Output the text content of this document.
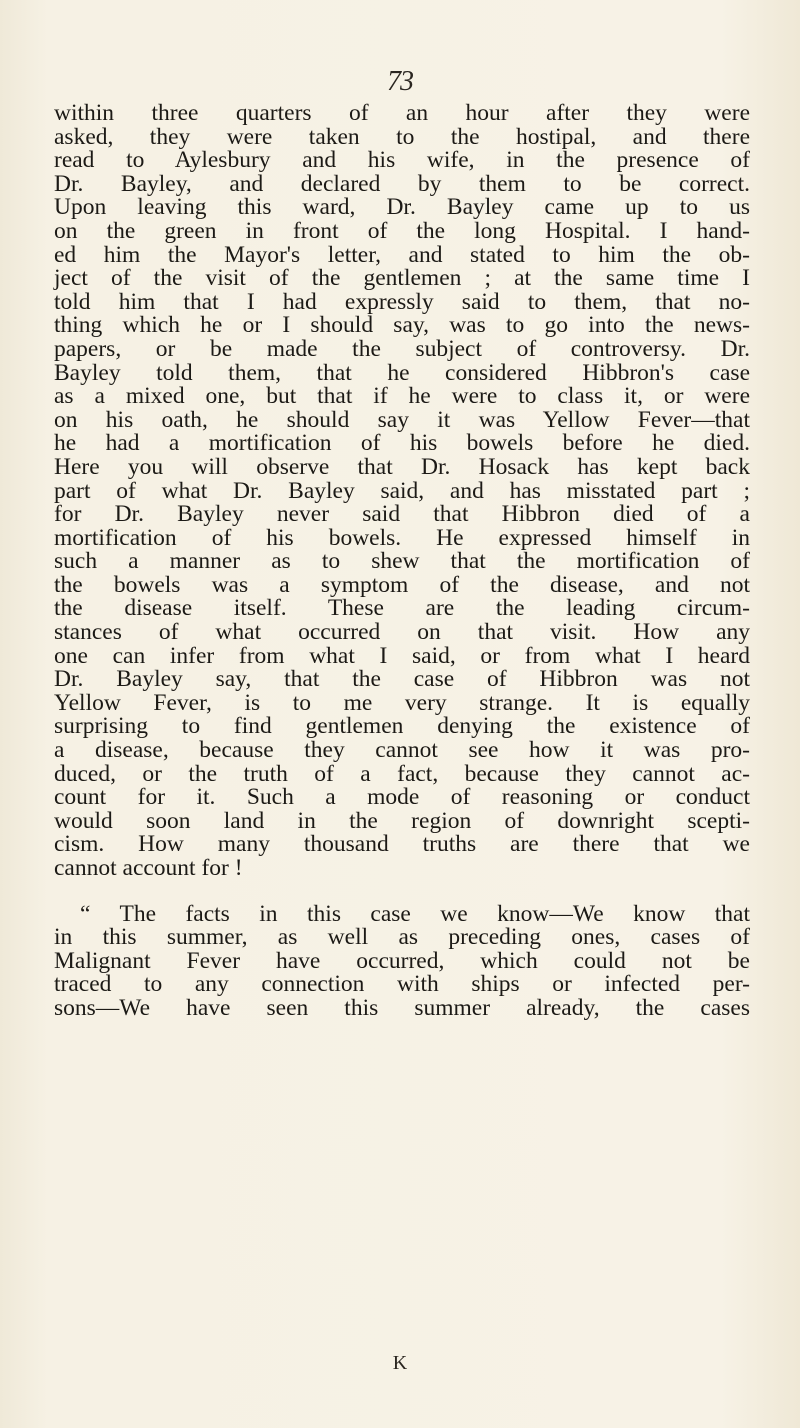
73
within three quarters of an hour after they were
asked, they were taken to the hostipal, and there
read to Aylesbury and his wife, in the presence of
Dr. Bayley, and declared by them to be correct.
Upon leaving this ward, Dr. Bayley came up to us
on the green in front of the long Hospital. I hand-
ed him the Mayor's letter, and stated to him the ob-
ject of the visit of the gentlemen ; at the same time I
told him that I had expressly said to them, that no-
thing which he or I should say, was to go into the news-
papers, or be made the subject of controversy. Dr.
Bayley told them, that he considered Hibbron's case
as a mixed one, but that if he were to class it, or were
on his oath, he should say it was Yellow Fever—that
he had a mortification of his bowels before he died.
Here you will observe that Dr. Hosack has kept back
part of what Dr. Bayley said, and has misstated part ;
for Dr. Bayley never said that Hibbron died of a
mortification of his bowels. He expressed himself in
such a manner as to shew that the mortification of
the bowels was a symptom of the disease, and not
the disease itself. These are the leading circum-
stances of what occurred on that visit. How any
one can infer from what I said, or from what I heard
Dr. Bayley say, that the case of Hibbron was not
Yellow Fever, is to me very strange. It is equally
surprising to find gentlemen denying the existence of
a disease, because they cannot see how it was pro-
duced, or the truth of a fact, because they cannot ac-
count for it. Such a mode of reasoning or conduct
would soon land in the region of downright scepti-
cism. How many thousand truths are there that we
cannot account for !
“ The facts in this case we know—We know that
in this summer, as well as preceding ones, cases of
Malignant Fever have occurred, which could not be
traced to any connection with ships or infected per-
sons—We have seen this summer already, the cases
K
